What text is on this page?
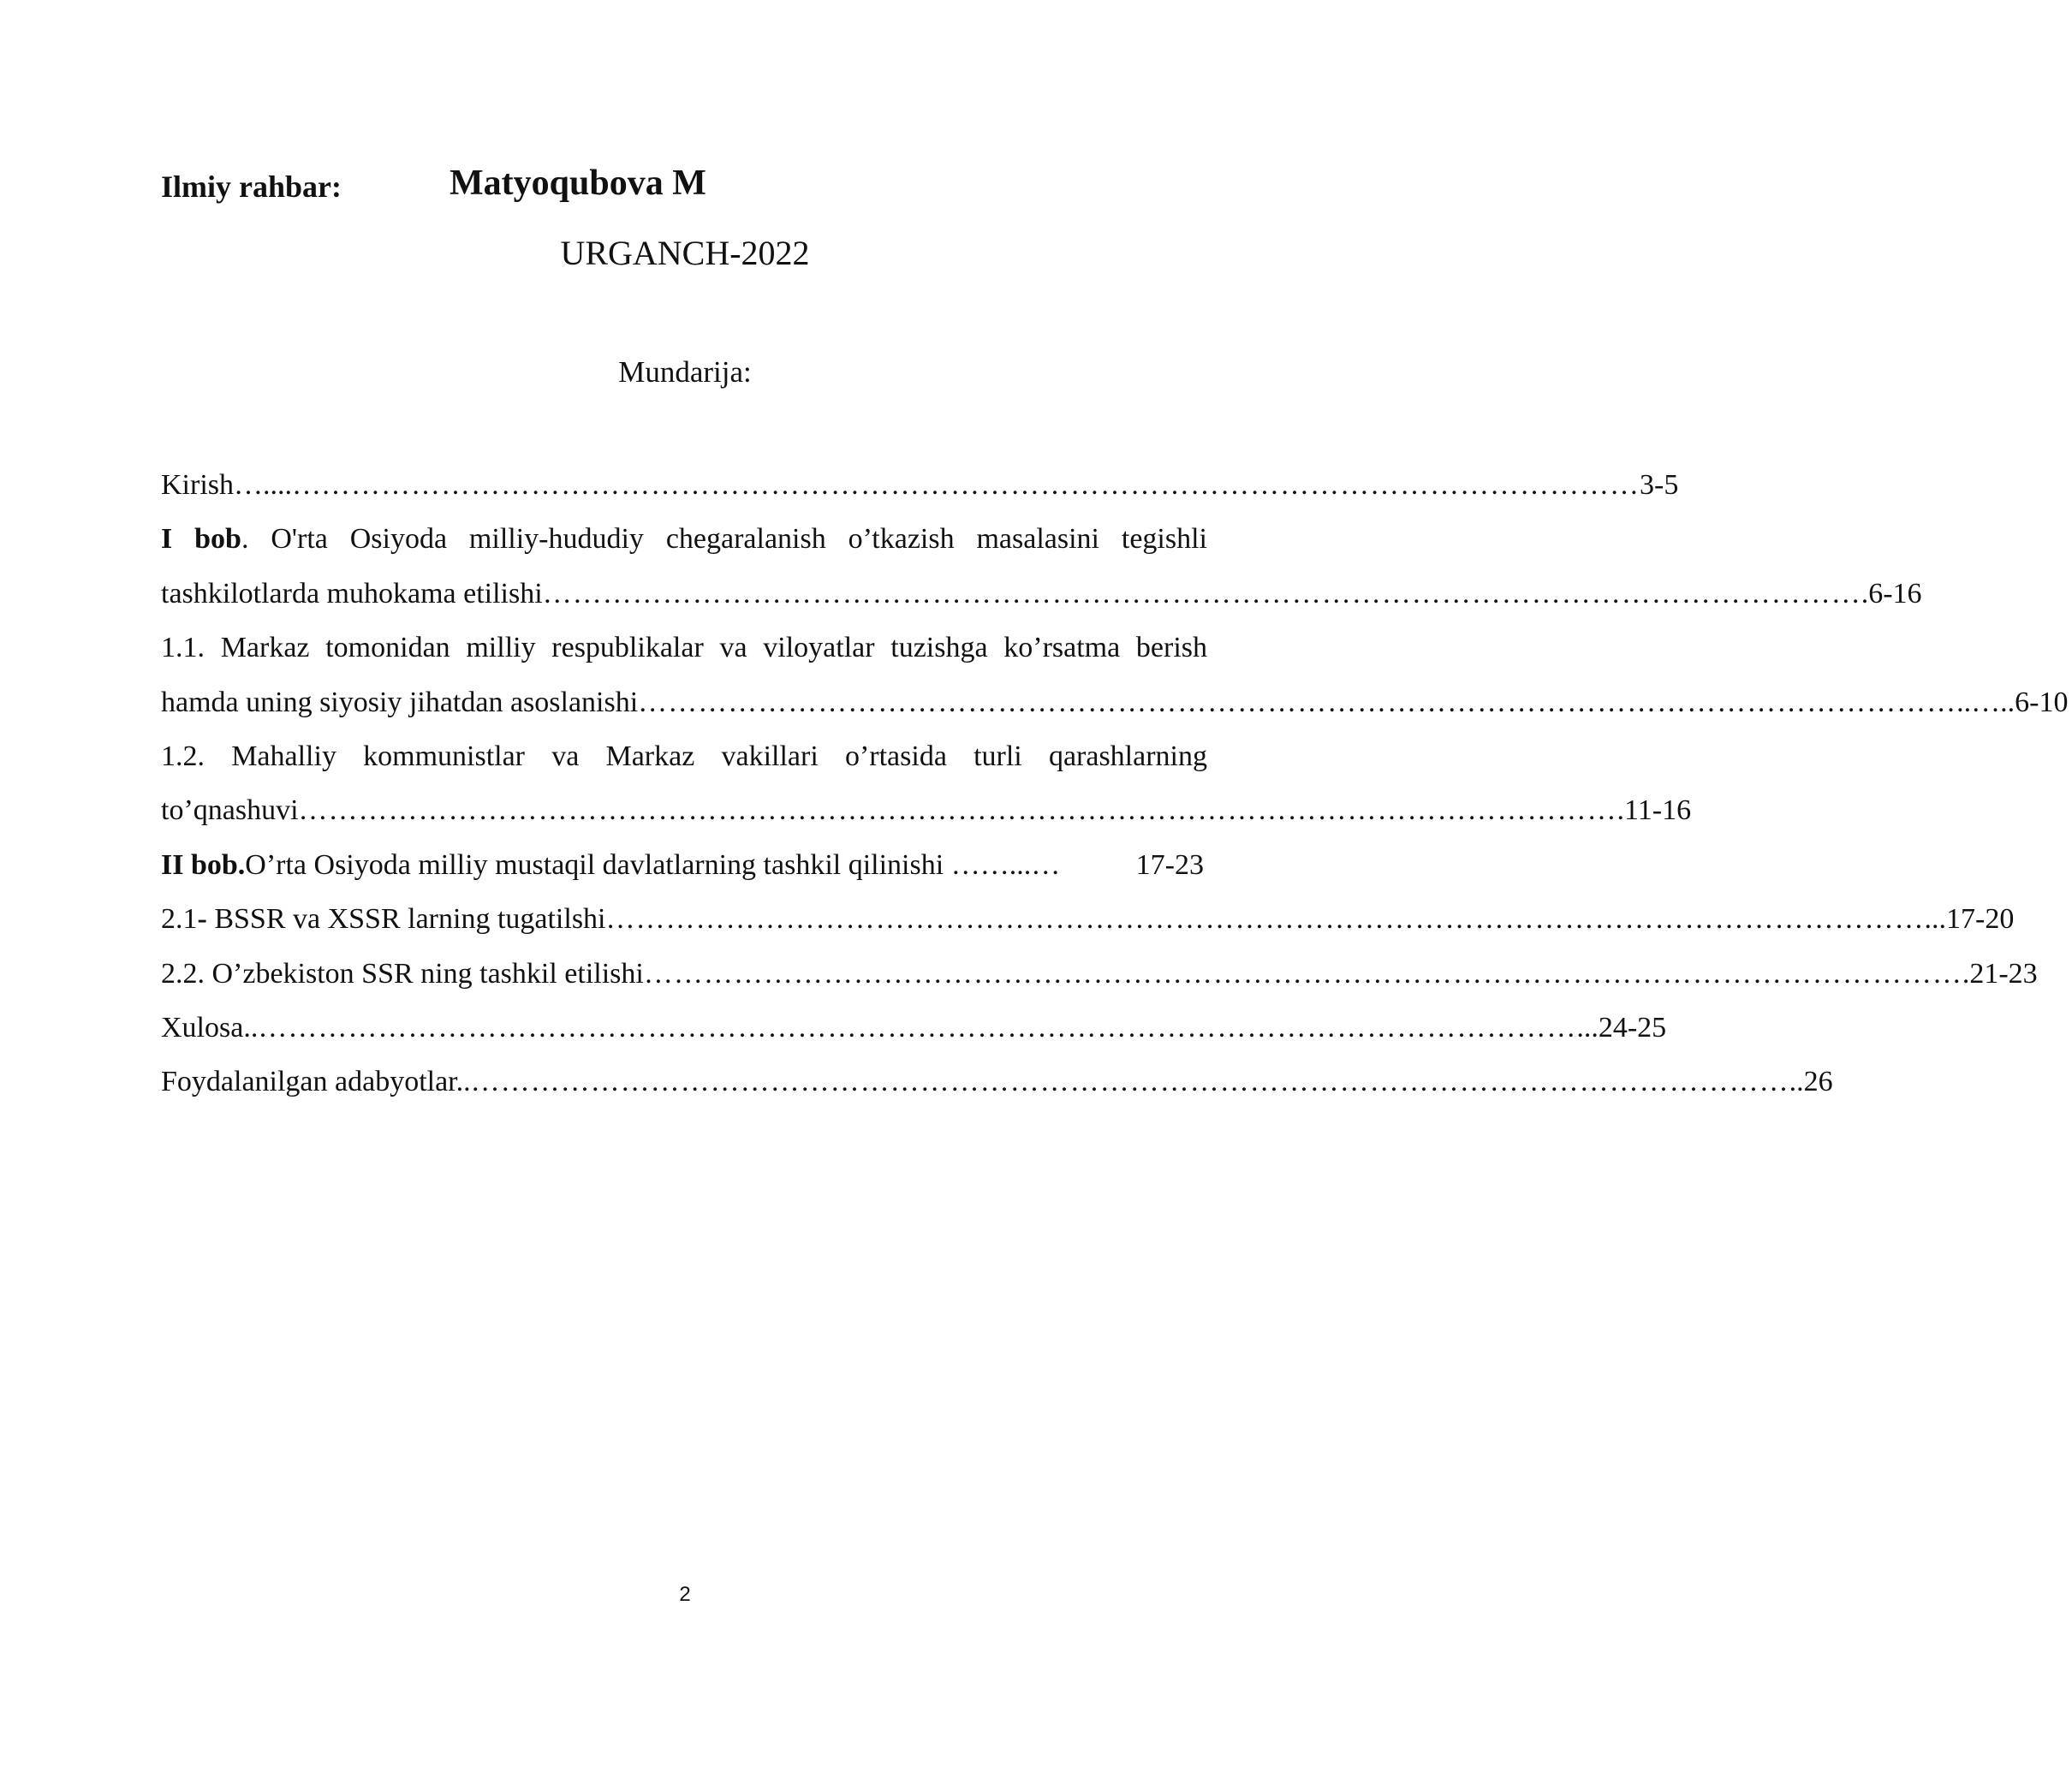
Ilmiy rahbar:	Matyoqubova M
URGANCH-2022
Mundarija:
Kirish…....… …………………………………………………………………………………………………………………… 3-5
I bob. O'rta Osiyoda milliy-hududiy chegaralanish o’tkazish masalasini tegishli
tashkilotlarda muhokama etilishi …………………………………………………………………………………………………………………… .6-16
1.1. Markaz tomonidan milliy respublikalar va viloyatlar tuzishga ko’rsatma berish
hamda uning siyosiy jihatdan asoslanishi …………………………………………………………………………………………………………………… ..…..6-10
1.2. Mahalliy kommunistlar va Markaz vakillari o’rtasida turli qarashlarning
to’qnashuvi …………………………………………………………………………………………………………………… .11-16
II bob.O’rta Osiyoda milliy mustaqil davlatlarning tashkil qilinishi ……...…	17-23
2.1- BSSR va XSSR larning tugatilshi …………………………………………………………………………………………………………………… ...17-20
2.2. O’zbekiston SSR ning tashkil etilishi …………………………………………………………………………………………………………………… .21-23
Xulosa.. …………………………………………………………………………………………………………………… ...24-25
Foydalanilgan adabyotlar.. …………………………………………………………………………………………………………………… ..26
2
